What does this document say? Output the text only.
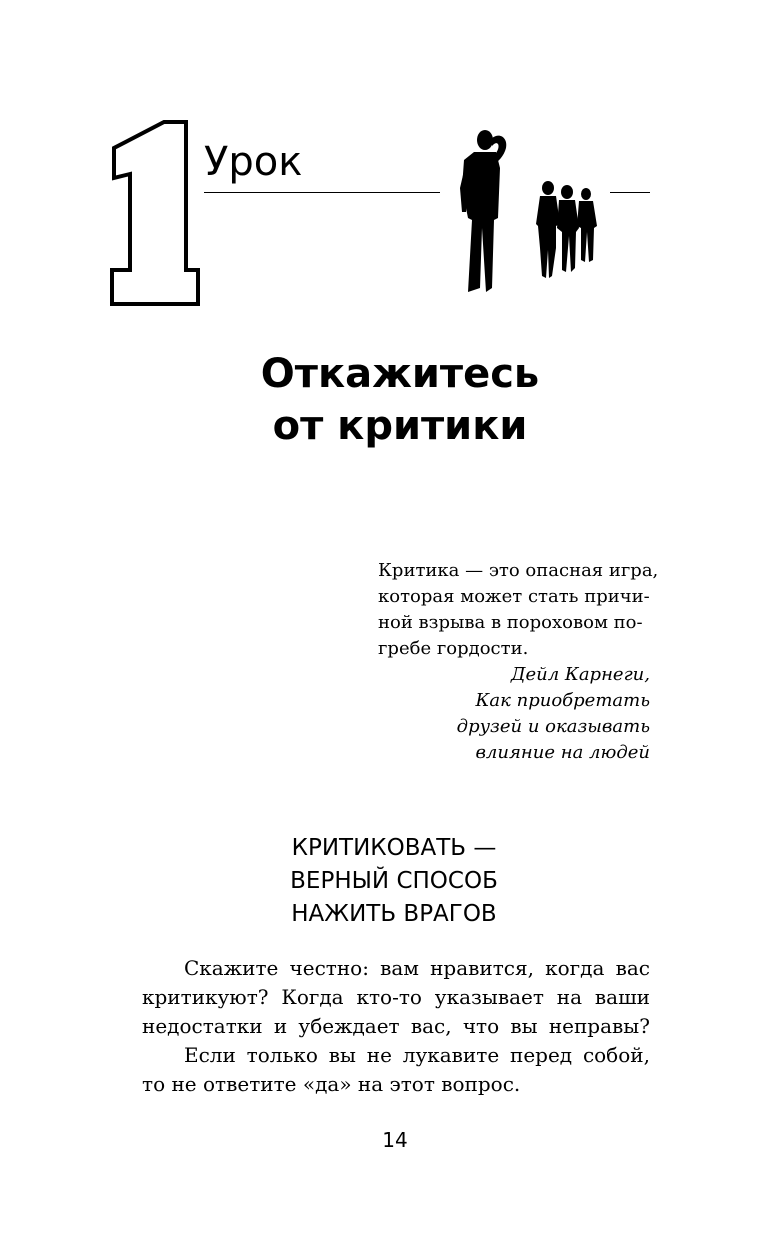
Урок
Откажитесь
от критики
Критика — это опасная игра,
которая может стать причи-
ной взрыва в пороховом по-
гребе гордости.
Дейл Карнеги,
Как приобретать
друзей и оказывать
влияние на людей
КРИТИКОВАТЬ —
ВЕРНЫЙ СПОСОБ
НАЖИТЬ ВРАГОВ
Скажите честно: вам нравится, когда вас
критикуют? Когда кто-то указывает на ваши
недостатки и убеждает вас, что вы неправы?
Если только вы не лукавите перед собой,
то не ответите «да» на этот вопрос.
14
